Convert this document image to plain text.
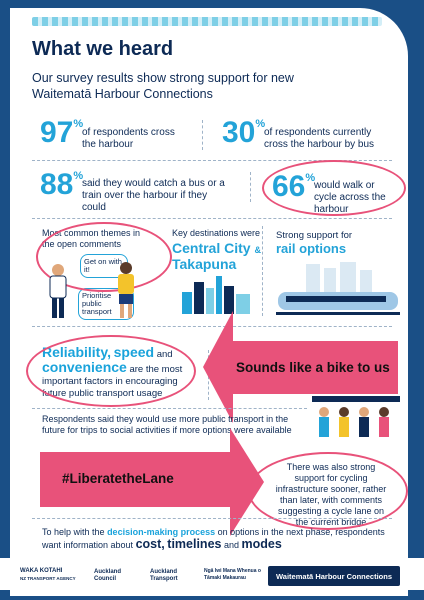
What we heard
Our survey results show strong support for new Waitematā Harbour Connections
97%
of respondents cross the harbour	30%
of respondents currently cross the harbour by bus
88%
said they would catch a bus or a train over the harbour if they could
66%
would walk or cycle across the harbour
Most common themes in the open comments
Get on with it!
Prioritise public transport
Key destinations were
Central City &
Takapuna
Strong support for
rail options
Reliability, speed and convenience are the most important factors in encouraging future public transport usage
Sounds like a bike to us
Respondents said they would use more public transport in the future for trips to social activities if more options were available
#LiberatetheLane
There was also strong support for cycling infrastructure sooner, rather than later, with comments suggesting a cycle lane on the current bridge
To help with the decision-making process on options in the next phase, respondents want information about cost, timelines and modes
WAKA KOTAHI
NZ TRANSPORT AGENCY
Auckland Council
Auckland Transport
Ngā Iwi Mana Whenua o Tāmaki Makaurau	Waitematā Harbour Connections
